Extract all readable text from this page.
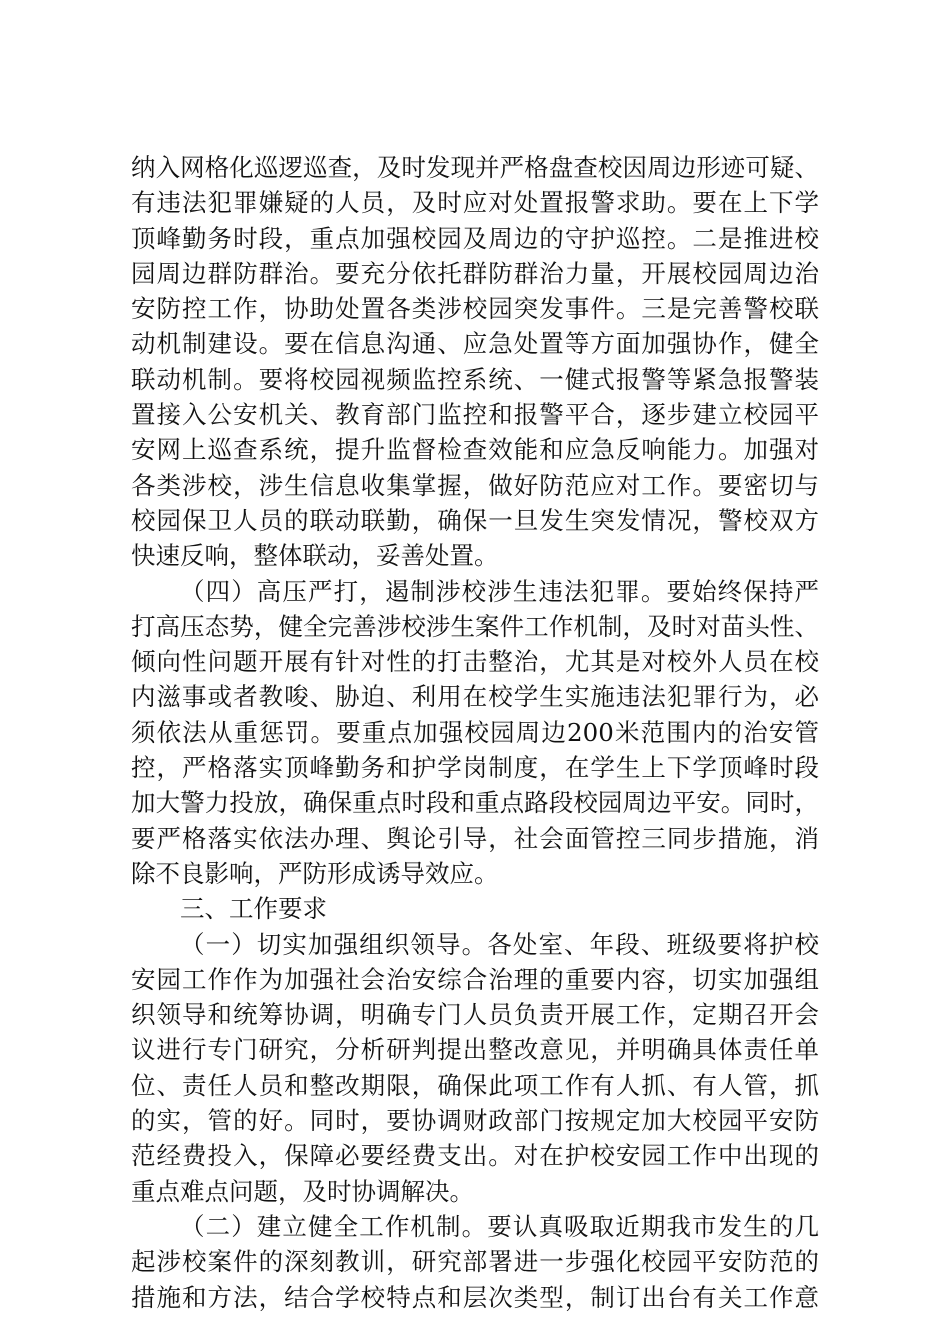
纳入网格化巡逻巡查，及时发现并严格盘查校因周边形迹可疑、
有违法犯罪嫌疑的人员，及时应对处置报警求助。要在上下学
顶峰勤务时段，重点加强校园及周边的守护巡控。二是推进校
园周边群防群治。要充分依托群防群治力量，开展校园周边治
安防控工作，协助处置各类涉校园突发事件。三是完善警校联
动机制建设。要在信息沟通、应急处置等方面加强协作，健全
联动机制。要将校园视频监控系统、一健式报警等紧急报警装
置接入公安机关、教育部门监控和报警平合，逐步建立校园平
安网上巡查系统，提升监督检查效能和应急反响能力。加强对
各类涉校，涉生信息收集掌握，做好防范应对工作。要密切与
校园保卫人员的联动联勤，确保一旦发生突发情况，警校双方
快速反响，整体联动，妥善处置。
（四）高压严打，遏制涉校涉生违法犯罪。要始终保持严
打高压态势，健全完善涉校涉生案件工作机制，及时对苗头性、
倾向性问题开展有针对性的打击整治，尤其是对校外人员在校
内滋事或者教唆、胁迫、利用在校学生实施违法犯罪行为，必
须依法从重惩罚。要重点加强校园周边200米范围内的治安管
控，严格落实顶峰勤务和护学岗制度，在学生上下学顶峰时段
加大警力投放，确保重点时段和重点路段校园周边平安。同时，
要严格落实依法办理、舆论引导，社会面管控三同步措施，消
除不良影响，严防形成诱导效应。
三、工作要求
（一）切实加强组织领导。各处室、年段、班级要将护校
安园工作作为加强社会治安综合治理的重要内容，切实加强组
织领导和统筹协调，明确专门人员负责开展工作，定期召开会
议进行专门研究，分析研判提出整改意见，并明确具体责任单
位、责任人员和整改期限，确保此项工作有人抓、有人管，抓
的实，管的好。同时，要协调财政部门按规定加大校园平安防
范经费投入，保障必要经费支出。对在护校安园工作中出现的
重点难点问题，及时协调解决。
（二）建立健全工作机制。要认真吸取近期我市发生的几
起涉校案件的深刻教训，研究部署进一步强化校园平安防范的
措施和方法，结合学校特点和层次类型，制订出台有关工作意
